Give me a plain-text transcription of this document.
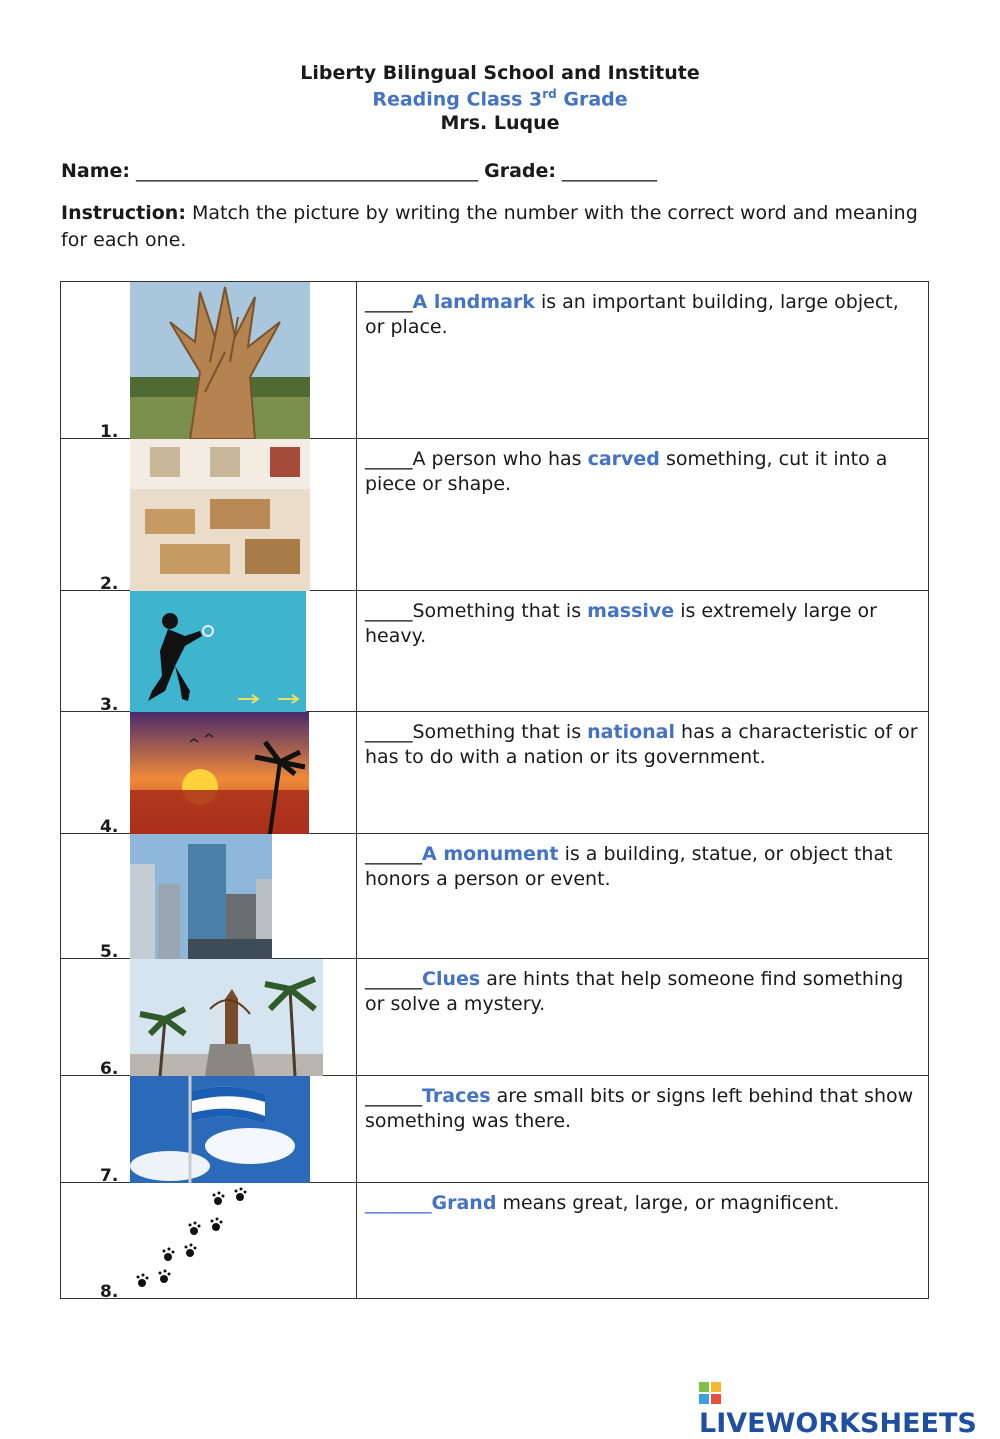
Liberty Bilingual School and Institute
Reading Class 3rd Grade
Mrs. Luque
Name: ____________________________________ Grade: __________
Instruction: Match the picture by writing the number with the correct word and meaning for each one.
1.	_____A landmark is an important building, large object, or place.

2.	_____A person who has carved something, cut it into a piece or shape.

3.	_____Something that is massive is extremely large or heavy.

4.	_____Something that is national has a characteristic of or has to do with a nation or its government.

5.	______A monument is a building, statue, or object that honors a person or event.

6.	______Clues are hints that help someone find something or solve a mystery.

7.	______Traces are small bits or signs left behind that show something was there.

8.	_______Grand means great, large, or magnificent.
LIVEWORKSHEETS
